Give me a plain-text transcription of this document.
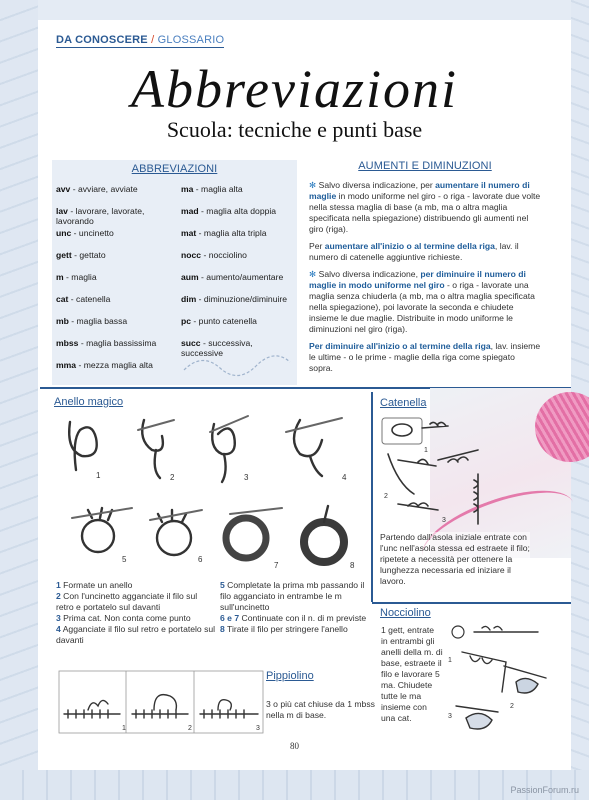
DA CONOSCERE / GLOSSARIO
Abbreviazioni
Scuola: tecniche e punti base
ABBREVIAZIONI
avv - avviare, avviate
lav - lavorare, lavorate, lavorando
unc - uncinetto
gett - gettato
m - maglia
cat - catenella
mb - maglia bassa
mbss - maglia bassissima
mma - mezza maglia alta
ma - maglia alta
mad - maglia alta doppia
mat - maglia alta tripla
nocc - nocciolino
aum - aumento/aumentare
dim - diminuzione/diminuire
pc - punto catenella
succ - successiva, successive
AUMENTI E DIMINUZIONI

✻ Salvo diversa indicazione, per aumentare il numero di maglie in modo uniforme nel giro - o riga - lavorate due volte nella stessa maglia di base (a mb, ma o altra maglia specificata nella spiegazione) distribuendo gli aumenti nel giro (riga).

Per aumentare all'inizio o al termine della riga, lav. il numero di catenelle aggiuntive richieste.

✻ Salvo diversa indicazione, per diminuire il numero di maglie in modo uniforme nel giro - o riga - lavorate una maglia senza chiuderla (a mb, ma o altra maglia specificata nella spiegazione), poi lavorate la seconda e chiudete insieme le due maglie. Distribuite in modo uniforme le diminuzioni nel giro (riga).

Per diminuire all'inizio o al termine della riga, lav. insieme le ultime - o le prime - maglie della riga come spiegato sopra.

Anello magico
1	2	3	4
5	6
7	8
1 Formate un anello
2 Con l'uncinetto agganciate il filo sul retro e portatelo sul davanti
3 Prima cat. Non conta come punto
4 Agganciate il filo sul retro e portatelo sul davanti
5 Completate la prima mb passando il filo agganciato in entrambe le m sull'uncinetto
6 e 7 Continuate con il n. di m previste
8 Tirate il filo per stringere l'anello
Catenella
1
2
3
Partendo dall'asola iniziale entrate con l'unc nell'asola stessa ed estraete il filo; ripetete a necessità per ottenere la lunghezza necessaria ed iniziare il lavoro.
Nocciolino
1 gett, entrate in entrambi gli anelli della m. di base, estraete il filo e lavorare 5 ma. Chiudete tutte le ma insieme con una cat.
1
2
3
Pippiolino
1	2	3
3 o più cat chiuse da 1 mbss nella m di base.
80
PassionForum.ru
